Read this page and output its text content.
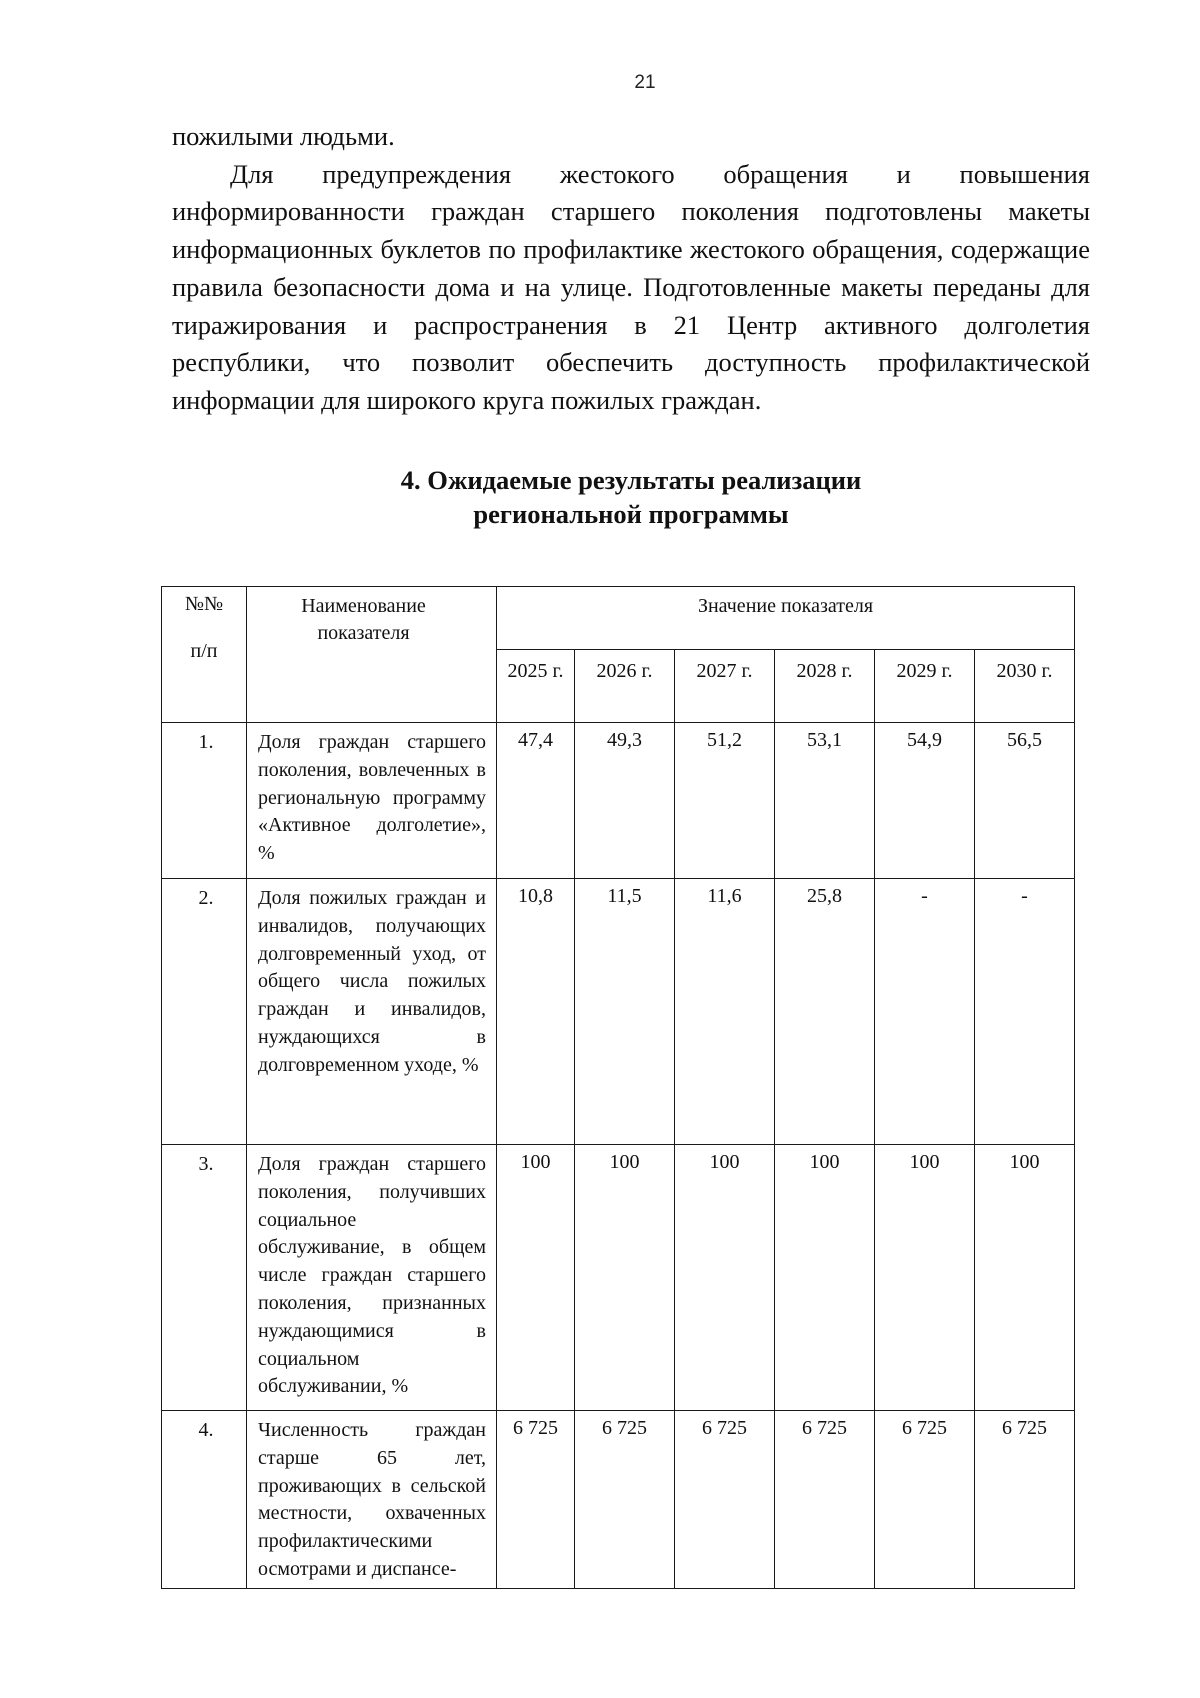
21

пожилыми людьми.

Для предупреждения жестокого обращения и повышения информированности граждан старшего поколения подготовлены макеты информационных буклетов по профилактике жестокого обращения, содержащие правила безопасности дома и на улице. Подготовленные макеты переданы для тиражирования и распространения в 21 Центр активного долголетия республики, что позволит обеспечить доступность профилактической информации для широкого круга пожилых граждан.

4. Ожидаемые результаты реализации
региональной программы
№№
п/п	Наименование показателя	Значение показателя					
		2025 г.	2026 г.	2027 г.	2028 г.	2029 г.	2030 г.
1.	Доля граждан старшего поколения, вовлеченных в региональную программу «Активное долголетие», %	47,4	49,3	51,2	53,1	54,9	56,5
2.	Доля пожилых граждан и инвалидов, получающих долговременный уход, от общего числа пожилых граждан и инвалидов, нуждающихся в долговременном уходе, %	10,8	11,5	11,6	25,8	-	-
3.	Доля граждан старшего поколения, получивших социальное обслуживание, в общем числе граждан старшего поколения, признанных нуждающимися в социальном обслуживании, %	100	100	100	100	100	100
4.	Численность граждан старше 65 лет, проживающих в сельской местности, охваченных профилактическими осмотрами и диспансе-	6 725	6 725	6 725	6 725	6 725	6 725
